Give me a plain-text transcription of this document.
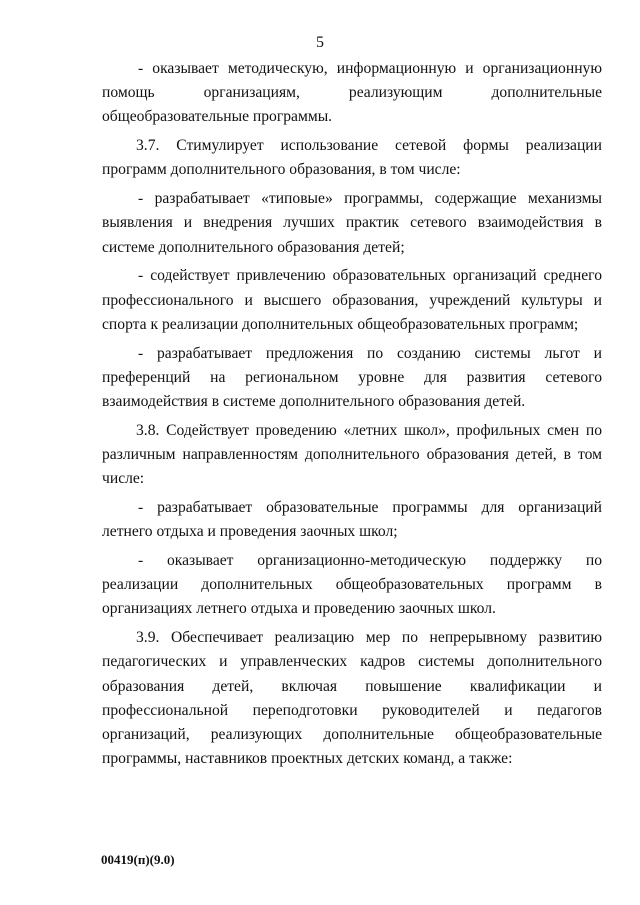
5

- оказывает методическую, информационную и организационную помощь организациям, реализующим дополнительные общеобразовательные программы.

3.7. Стимулирует использование сетевой формы реализации программ дополнительного образования, в том числе:

- разрабатывает «типовые» программы, содержащие механизмы выявления и внедрения лучших практик сетевого взаимодействия в системе дополнительного образования детей;

- содействует привлечению образовательных организаций среднего профессионального и высшего образования, учреждений культуры и спорта к реализации дополнительных общеобразовательных программ;

- разрабатывает предложения по созданию системы льгот и преференций на региональном уровне для развития сетевого взаимодействия в системе дополнительного образования детей.

3.8. Содействует проведению «летних школ», профильных смен по различным направленностям дополнительного образования детей, в том числе:

- разрабатывает образовательные программы для организаций летнего отдыха и проведения заочных школ;

- оказывает организационно-методическую поддержку по реализации дополнительных общеобразовательных программ в организациях летнего отдыха и проведению заочных школ.

3.9. Обеспечивает реализацию мер по непрерывному развитию педагогических и управленческих кадров системы дополнительного образования детей, включая повышение квалификации и профессиональной переподготовки руководителей и педагогов организаций, реализующих дополнительные общеобразовательные программы, наставников проектных детских команд, а также:

00419(п)(9.0)
